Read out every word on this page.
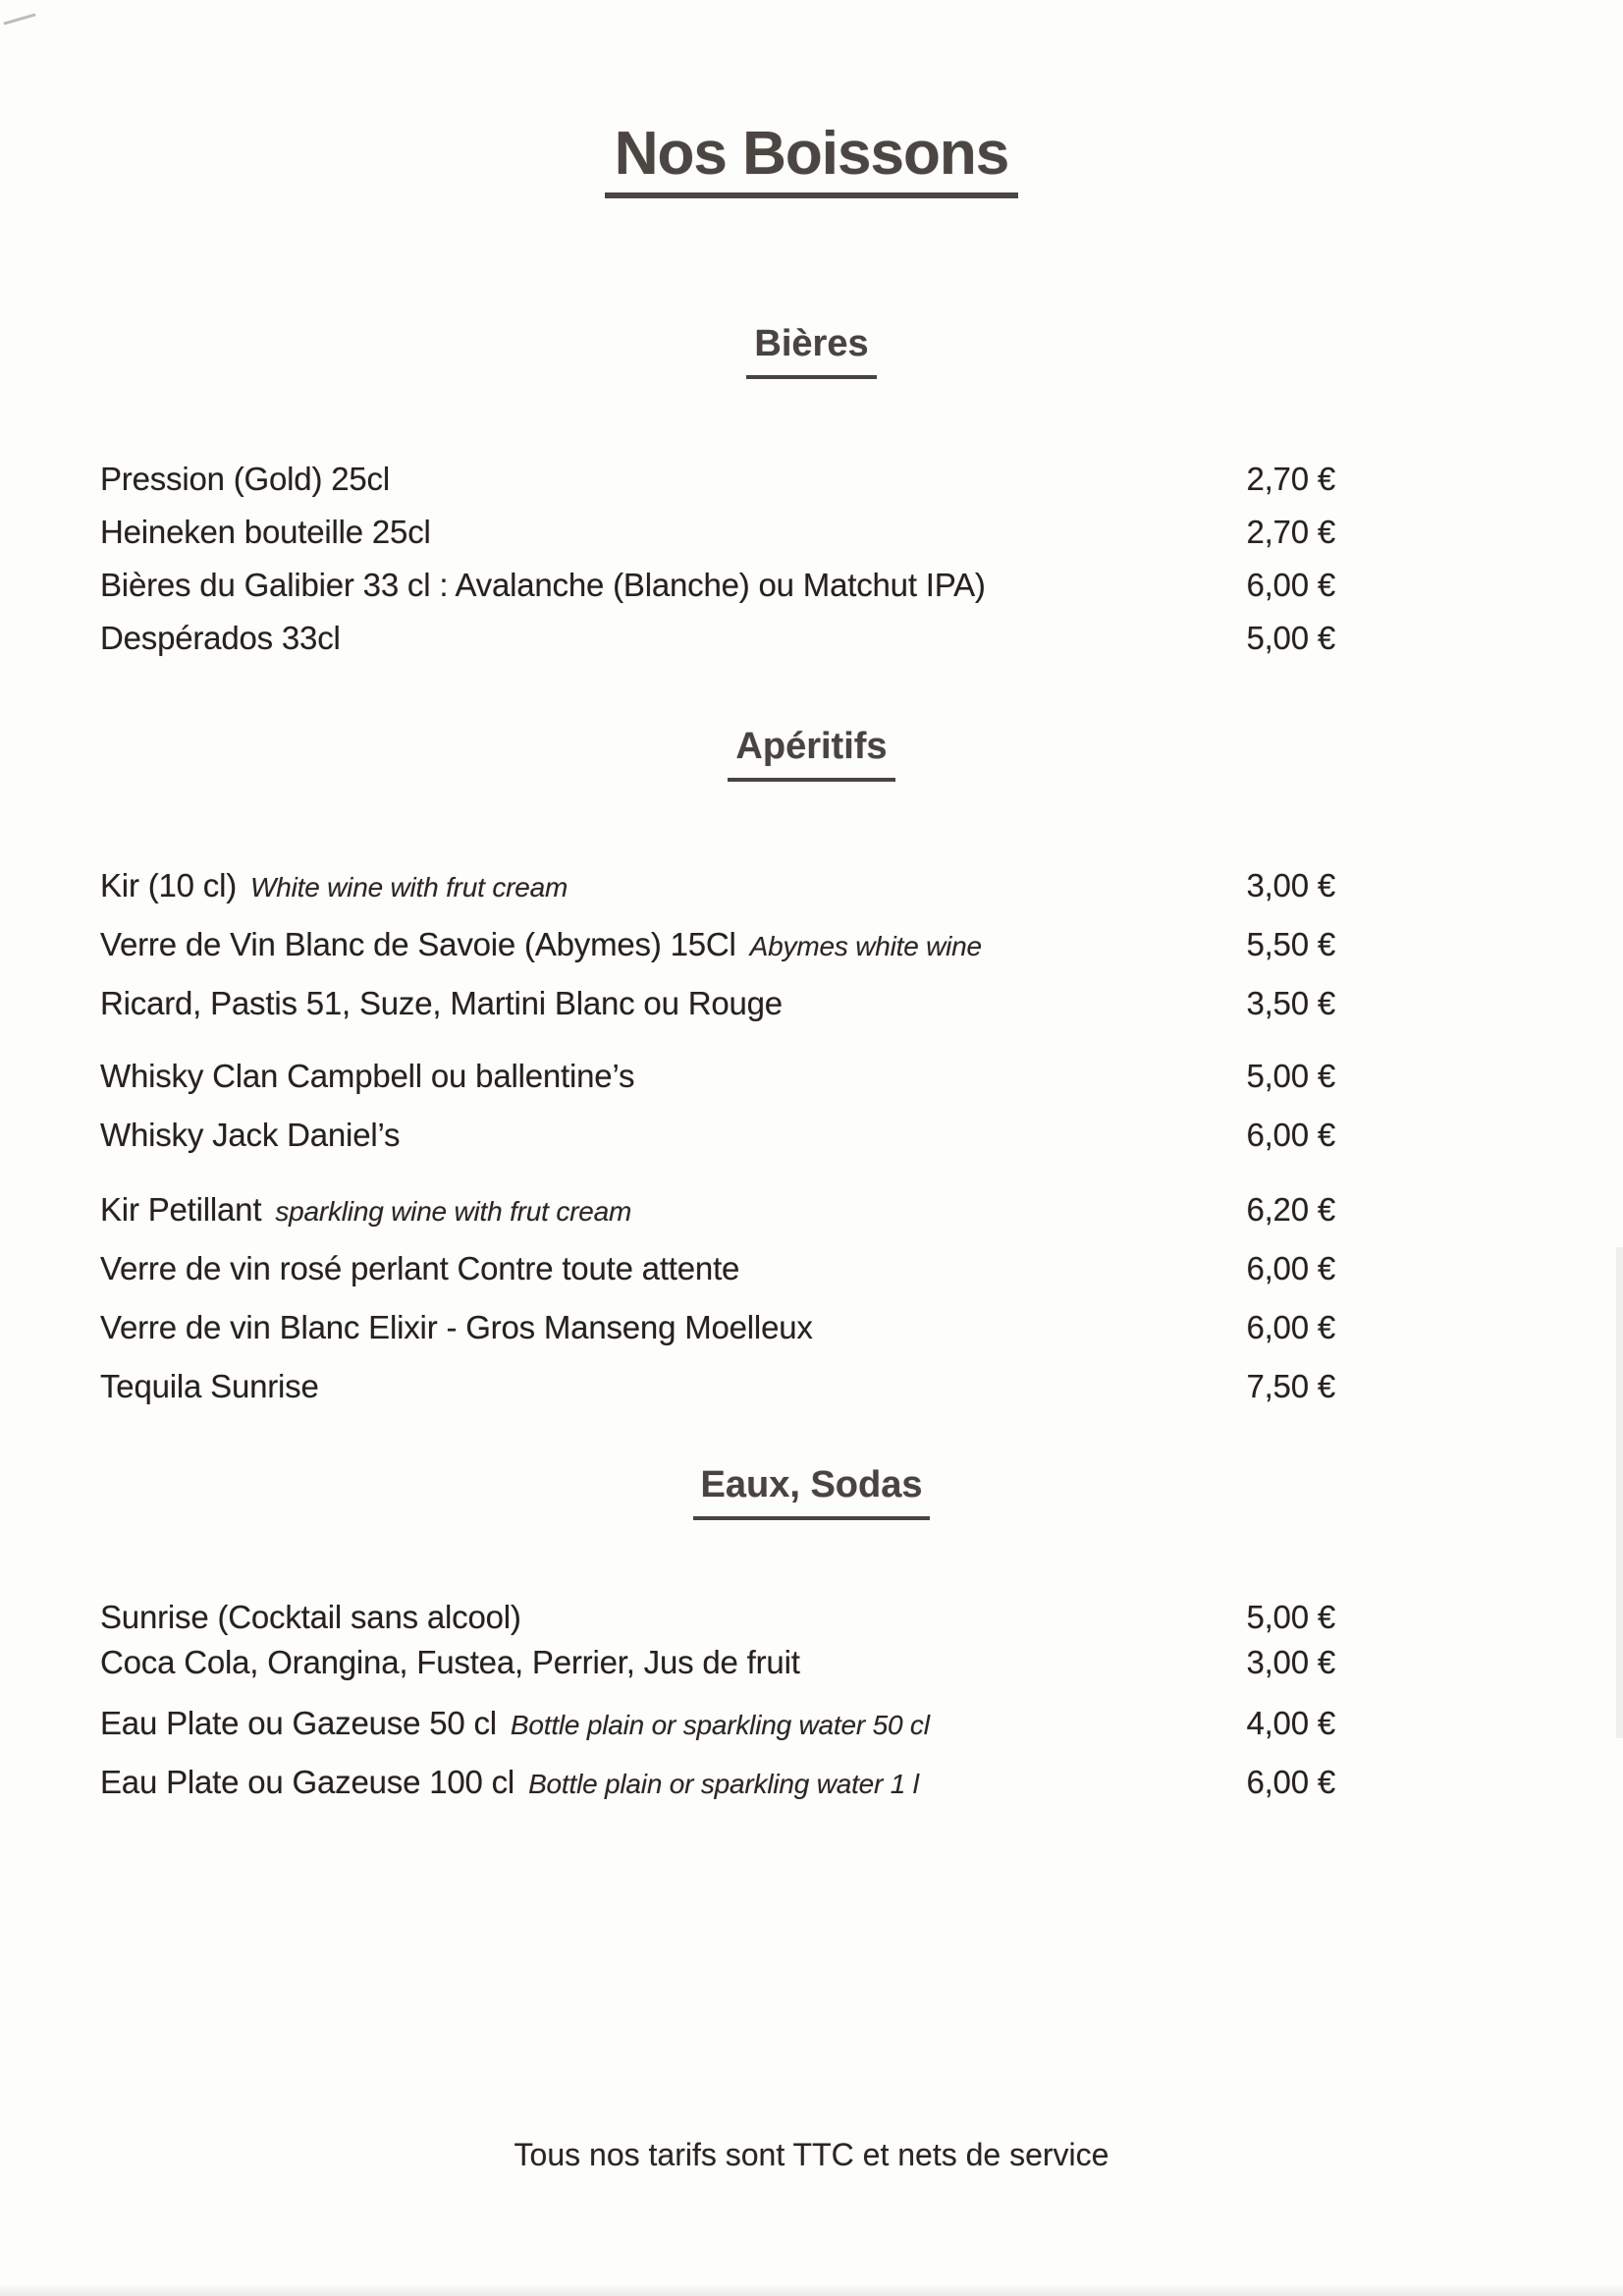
Nos Boissons
Bières
Pression (Gold) 25cl	2,70 €
Heineken bouteille 25cl	2,70 €
Bières du Galibier 33 cl : Avalanche (Blanche) ou Matchut IPA)	6,00 €
Despérados 33cl	5,00 €
Apéritifs
Kir (10 cl) White wine with frut cream	3,00 €
Verre de Vin Blanc de Savoie (Abymes) 15Cl Abymes white wine	5,50 €
Ricard, Pastis 51, Suze, Martini Blanc ou Rouge	3,50 €
Whisky Clan Campbell ou ballentine’s	5,00 €
Whisky Jack Daniel’s	6,00 €
Kir Petillant sparkling wine with frut cream	6,20 €
Verre de vin rosé perlant Contre toute attente	6,00 €
Verre de vin Blanc Elixir - Gros Manseng Moelleux	6,00 €
Tequila Sunrise	7,50 €
Eaux, Sodas
Sunrise (Cocktail sans alcool)	5,00 €
Coca Cola, Orangina, Fustea, Perrier, Jus de fruit	3,00 €
Eau Plate ou Gazeuse 50 cl Bottle plain or sparkling water 50 cl	4,00 €
Eau Plate ou Gazeuse 100 cl Bottle plain or sparkling water 1 l	6,00 €
Tous nos tarifs sont TTC et nets de service
